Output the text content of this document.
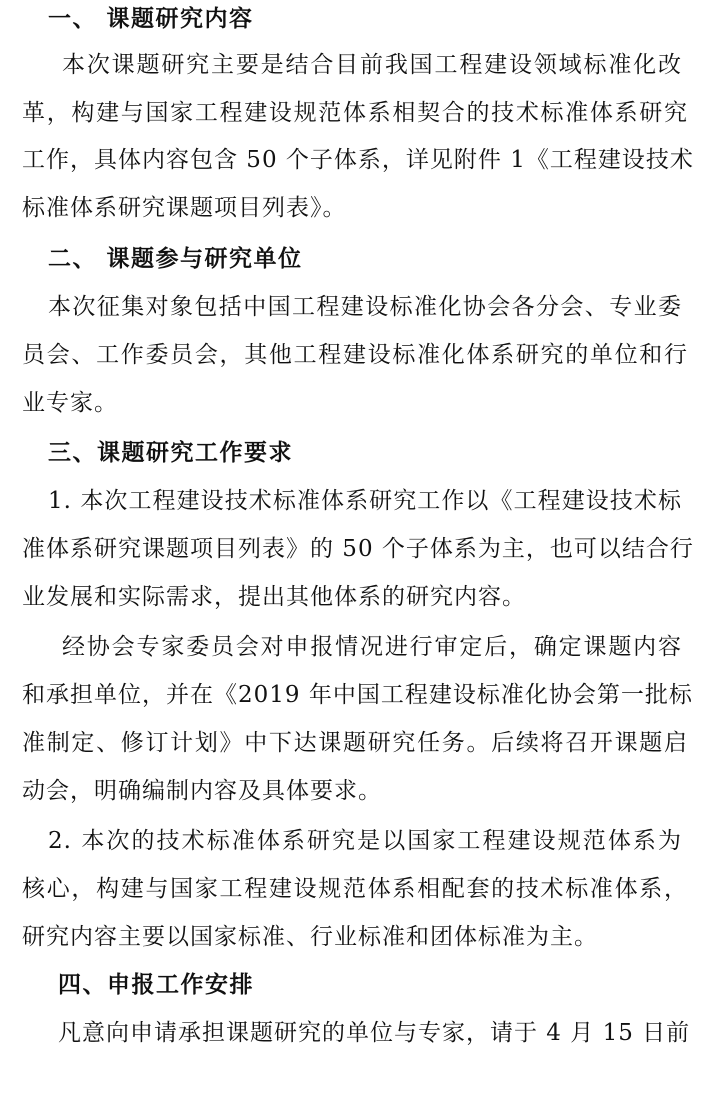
一、 课题研究内容
本次课题研究主要是结合目前我国工程建设领域标准化改
革，构建与国家工程建设规范体系相契合的技术标准体系研究
工作，具体内容包含 50 个子体系，详见附件 1《工程建设技术
标准体系研究课题项目列表》。
二、 课题参与研究单位
本次征集对象包括中国工程建设标准化协会各分会、专业委
员会、工作委员会，其他工程建设标准化体系研究的单位和行
业专家。
三、课题研究工作要求
1. 本次工程建设技术标准体系研究工作以《工程建设技术标
准体系研究课题项目列表》的 50 个子体系为主，也可以结合行
业发展和实际需求，提出其他体系的研究内容。
经协会专家委员会对申报情况进行审定后，确定课题内容
和承担单位，并在《2019 年中国工程建设标准化协会第一批标
准制定、修订计划》中下达课题研究任务。后续将召开课题启
动会，明确编制内容及具体要求。
2. 本次的技术标准体系研究是以国家工程建设规范体系为
核心，构建与国家工程建设规范体系相配套的技术标准体系，
研究内容主要以国家标准、行业标准和团体标准为主。
四、申报工作安排
凡意向申请承担课题研究的单位与专家，请于 4 月 15 日前
